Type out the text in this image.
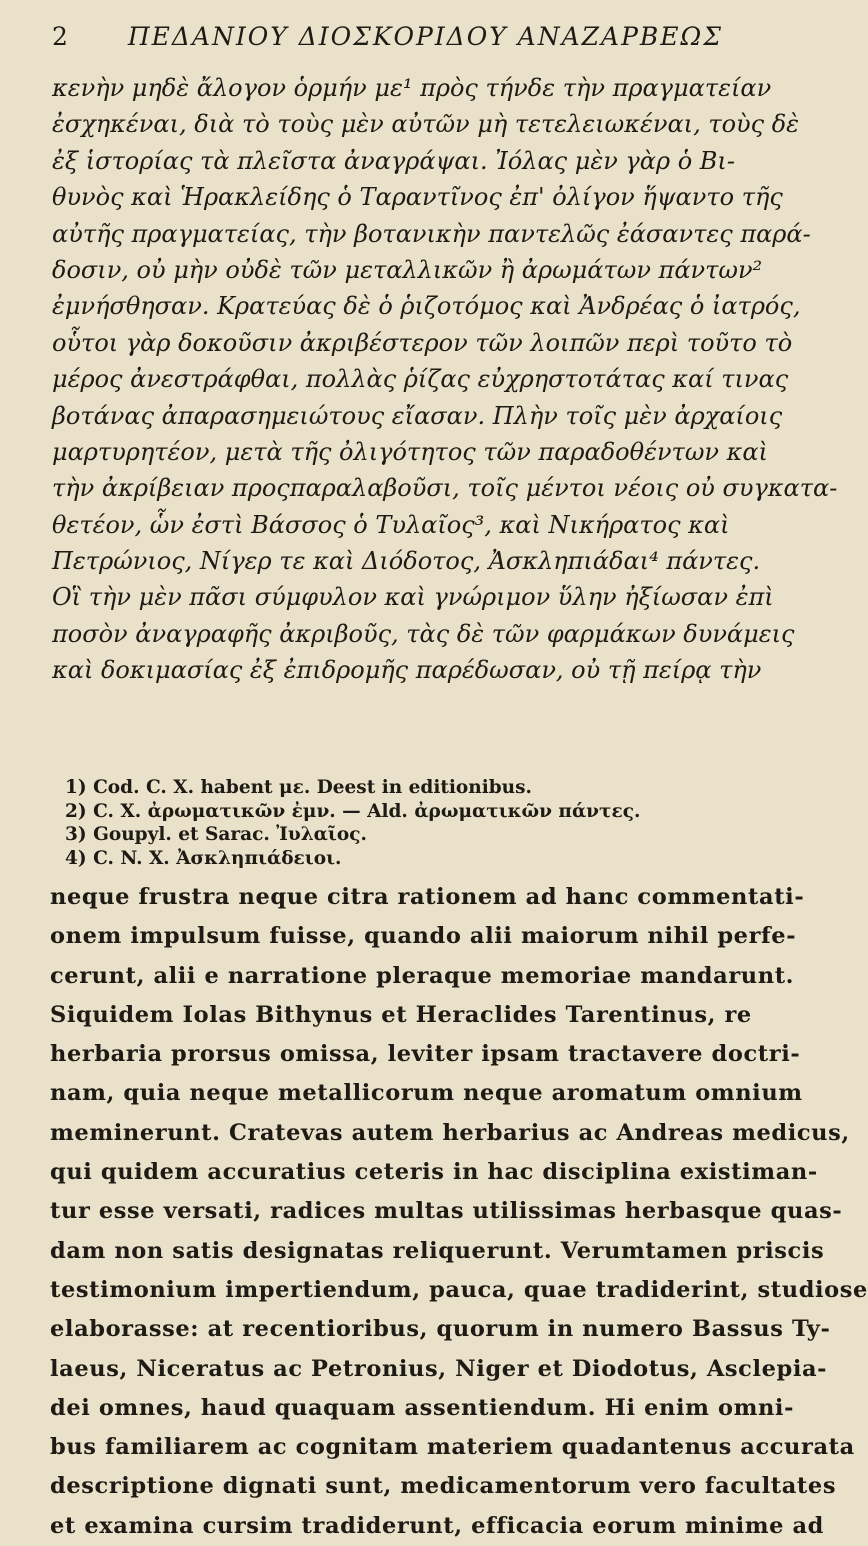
2 ΠΕΔΑΝΙΟΥ ΔΙΟΣΚΟΡΙΔΟΥ ΑΝΑΖΑΡΒΕΩΣ
κενὴν μηδὲ ἄλογον ὁρμήν με¹ πρὸς τήνδε τὴν πραγματείαν
ἐσχηκέναι, διὰ τὸ τοὺς μὲν αὐτῶν μὴ τετελειωκέναι, τοὺς δὲ
ἐξ ἱστορίας τὰ πλεῖστα ἀναγράψαι. Ἰόλας μὲν γὰρ ὁ Βι-
θυνὸς καὶ Ἡρακλείδης ὁ Ταραντῖνος ἐπ' ὀλίγον ἥψαντο τῆς
αὐτῆς πραγματείας, τὴν βοτανικὴν παντελῶς ἐάσαντες παρά-
δοσιν, οὐ μὴν οὐδὲ τῶν μεταλλικῶν ἢ ἀρωμάτων πάντων²
ἐμνήσθησαν. Κρατεύας δὲ ὁ ῥιζοτόμος καὶ Ἀνδρέας ὁ ἰατρός,
οὗτοι γὰρ δοκοῦσιν ἀκριβέστερον τῶν λοιπῶν περὶ τοῦτο τὸ
μέρος ἀνεστράφθαι, πολλὰς ῥίζας εὐχρηστοτάτας καί τινας
βοτάνας ἀπαρασημειώτους εἴασαν. Πλὴν τοῖς μὲν ἀρχαίοις
μαρτυρητέον, μετὰ τῆς ὀλιγότητος τῶν παραδοθέντων καὶ
τὴν ἀκρίβειαν προςπαραλαβοῦσι, τοῖς μέντοι νέοις οὐ συγκατα-
θετέον, ὧν ἐστὶ Βάσσος ὁ Τυλαῖος³, καὶ Νικήρατος καὶ
Πετρώνιος, Νίγερ τε καὶ Διόδοτος, Ἀσκληπιάδαι⁴ πάντες.
Οἳ τὴν μὲν πᾶσι σύμφυλον καὶ γνώριμον ὕλην ἠξίωσαν ἐπὶ
ποσὸν ἀναγραφῆς ἀκριβοῦς, τὰς δὲ τῶν φαρμάκων δυνάμεις
καὶ δοκιμασίας ἐξ ἐπιδρομῆς παρέδωσαν, οὐ τῇ πείρᾳ τὴν
1) Cod. C. X. habent με. Deest in editionibus.
2) C. X. ἀρωματικῶν ἐμν. — Ald. ἀρωματικῶν πάντες.
3) Goupyl. et Sarac. Ἰυλαῖος.
4) C. N. X. Ἀσκληπιάδειοι.
neque frustra neque citra rationem ad hanc commentati-
onem impulsum fuisse, quando alii maiorum nihil perfe-
cerunt, alii e narratione pleraque memoriae mandarunt.
Siquidem Iolas Bithynus et Heraclides Tarentinus, re
herbaria prorsus omissa, leviter ipsam tractavere doctri-
nam, quia neque metallicorum neque aromatum omnium
meminerunt. Cratevas autem herbarius ac Andreas medicus,
qui quidem accuratius ceteris in hac disciplina existiman-
tur esse versati, radices multas utilissimas herbasque quas-
dam non satis designatas reliquerunt. Verumtamen priscis
testimonium impertiendum, pauca, quae tradiderint, studiose
elaborasse: at recentioribus, quorum in numero Bassus Ty-
laeus, Niceratus ac Petronius, Niger et Diodotus, Asclepia-
dei omnes, haud quaquam assentiendum. Hi enim omni-
bus familiarem ac cognitam materiem quadantenus accurata
descriptione dignati sunt, medicamentorum vero facultates
et examina cursim tradiderunt, efficacia eorum minime ad
